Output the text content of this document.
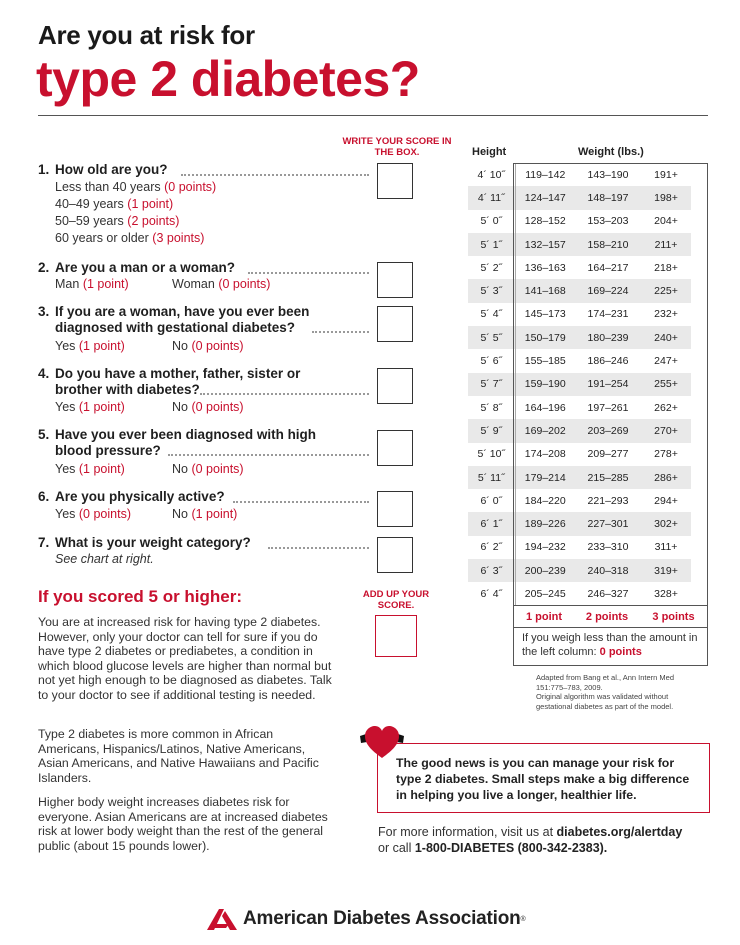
Are you at risk for
type 2 diabetes?
WRITE YOUR SCORE IN THE BOX.
1. How old are you?
Less than 40 years (0 points)
40–49 years (1 point)
50–59 years (2 points)
60 years or older (3 points)
2. Are you a man or a woman?
Man (1 point)	Woman (0 points)
3. If you are a woman, have you ever been
diagnosed with gestational diabetes?
Yes (1 point)	No (0 points)
4. Do you have a mother, father, sister or
brother with diabetes?
Yes (1 point)	No (0 points)
5. Have you ever been diagnosed with high
blood pressure?
Yes (1 point)	No (0 points)
6. Are you physically active?
Yes (0 points)	No (1 point)
7. What is your weight category?
See chart at right.
If you scored 5 or higher:
You are at increased risk for having type 2 diabetes. However, only your doctor can tell for sure if you do have type 2 diabetes or prediabetes, a condition in which blood glucose levels are higher than normal but not yet high enough to be diagnosed as diabetes. Talk to your doctor to see if additional testing is needed.
Type 2 diabetes is more common in African Americans, Hispanics/Latinos, Native Americans, Asian Americans, and Native Hawaiians and Pacific Islanders.
Higher body weight increases diabetes risk for everyone. Asian Americans are at increased diabetes risk at lower body weight than the rest of the general public (about 15 pounds lower).
ADD UP YOUR SCORE.
Height	Weight (lbs.)
4´ 10˝	119–142	143–190	191+
4´ 11˝	124–147	148–197	198+
5´ 0˝	128–152	153–203	204+
5´ 1˝	132–157	158–210	211+
5´ 2˝	136–163	164–217	218+
5´ 3˝	141–168	169–224	225+
5´ 4˝	145–173	174–231	232+
5´ 5˝	150–179	180–239	240+
5´ 6˝	155–185	186–246	247+
5´ 7˝	159–190	191–254	255+
5´ 8˝	164–196	197–261	262+
5´ 9˝	169–202	203–269	270+
5´ 10˝	174–208	209–277	278+
5´ 11˝	179–214	215–285	286+
6´ 0˝	184–220	221–293	294+
6´ 1˝	189–226	227–301	302+
6´ 2˝	194–232	233–310	311+
6´ 3˝	200–239	240–318	319+
6´ 4˝	205–245	246–327	328+
1 point	2 points	3 points
If you weigh less than the amount in the left column: 0 points
Adapted from Bang et al., Ann Intern Med
151:775–783, 2009.
Original algorithm was validated without
gestational diabetes as part of the model.
The good news is you can manage your risk for
type 2 diabetes. Small steps make a big difference
in helping you live a longer, healthier life.
For more information, visit us at diabetes.org/alertday
or call 1-800-DIABETES (800-342-2383).
American Diabetes Association ®
